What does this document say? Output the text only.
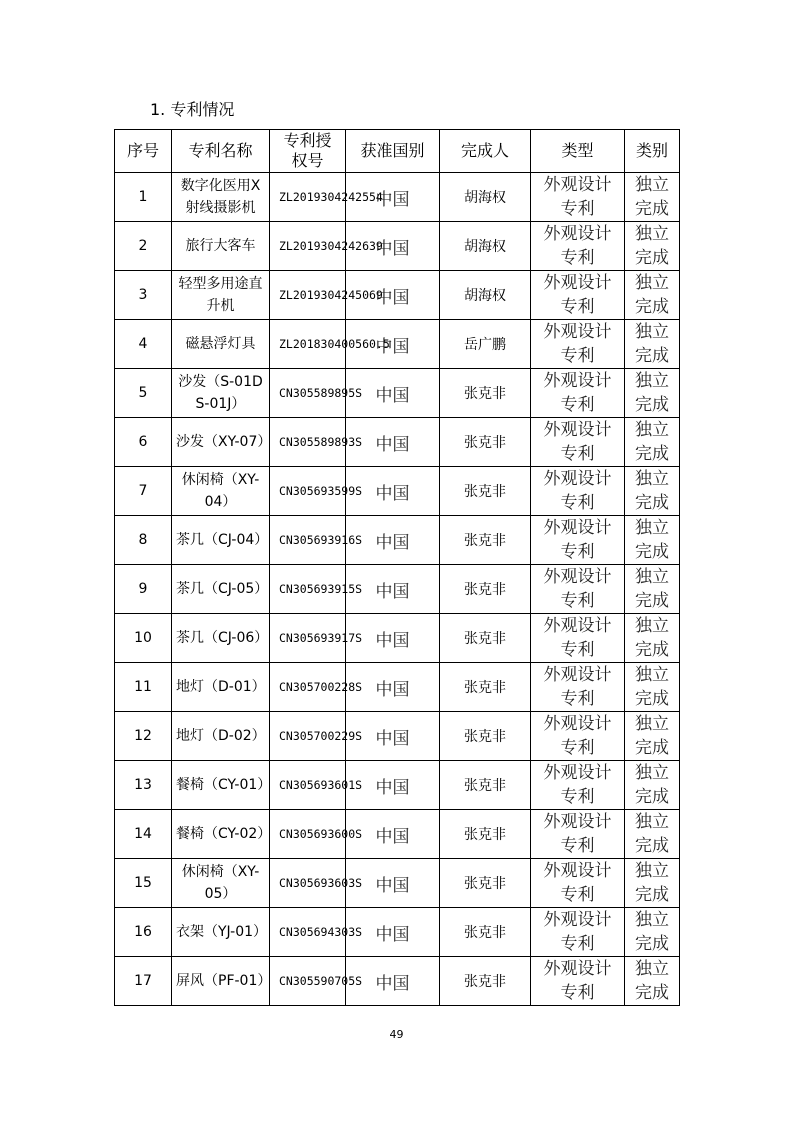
1. 专利情况
序号	专利名称	专利授权号	获准国别	完成人	类型	类别
1	数字化医用X射线摄影机	ZL2019304242554	中国	胡海权	外观设计专利	独立完成
2	旅行大客车	ZL2019304242639	中国	胡海权	外观设计专利	独立完成
3	轻型多用途直升机	ZL2019304245069	中国	胡海权	外观设计专利	独立完成
4	磁悬浮灯具	ZL201830400560.5	中国	岳广鹏	外观设计专利	独立完成
5	沙发（S-01D S-01J）	CN305589895S	中国	张克非	外观设计专利	独立完成
6	沙发（XY-07）	CN305589893S	中国	张克非	外观设计专利	独立完成
7	休闲椅（XY-04）	CN305693599S	中国	张克非	外观设计专利	独立完成
8	茶几（CJ-04）	CN305693916S	中国	张克非	外观设计专利	独立完成
9	茶几（CJ-05）	CN305693915S	中国	张克非	外观设计专利	独立完成
10	茶几（CJ-06）	CN305693917S	中国	张克非	外观设计专利	独立完成
11	地灯（D-01）	CN305700228S	中国	张克非	外观设计专利	独立完成
12	地灯（D-02）	CN305700229S	中国	张克非	外观设计专利	独立完成
13	餐椅（CY-01）	CN305693601S	中国	张克非	外观设计专利	独立完成
14	餐椅（CY-02）	CN305693600S	中国	张克非	外观设计专利	独立完成
15	休闲椅（XY-05）	CN305693603S	中国	张克非	外观设计专利	独立完成
16	衣架（YJ-01）	CN305694303S	中国	张克非	外观设计专利	独立完成
17	屏风（PF-01）	CN305590705S	中国	张克非	外观设计专利	独立完成
49
